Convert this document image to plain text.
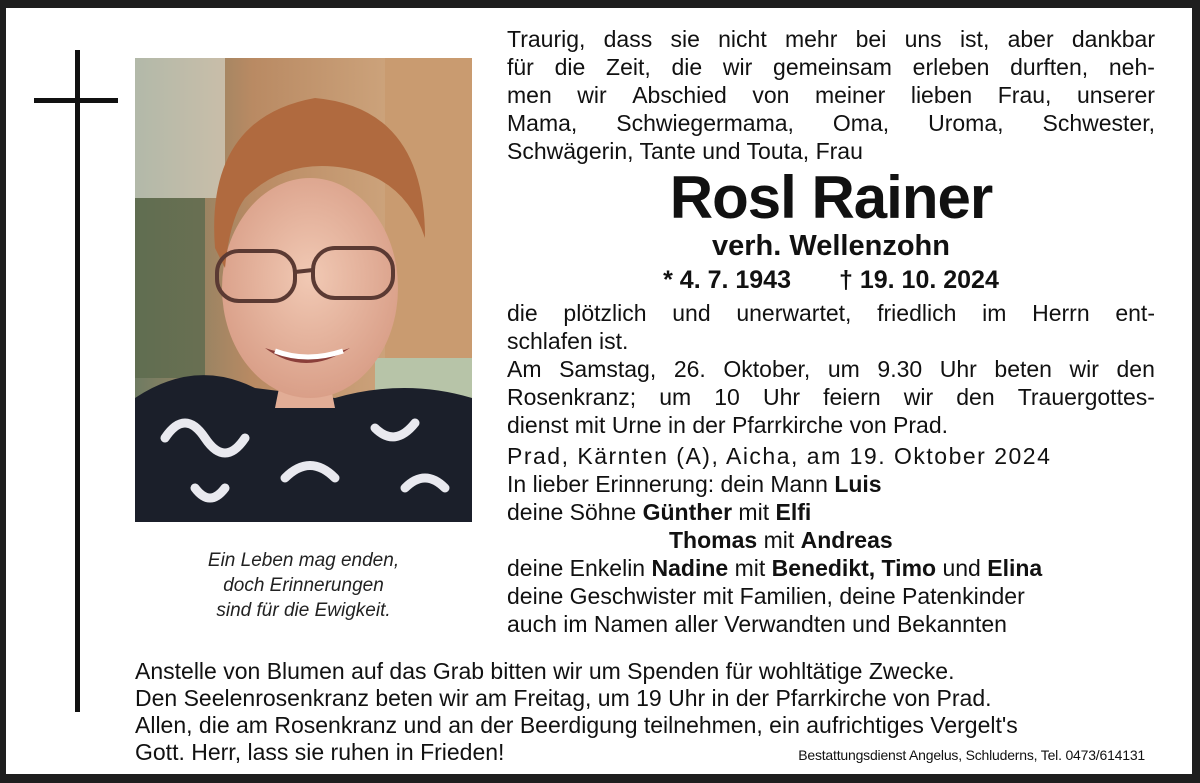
Ein Leben mag enden,
doch Erinnerungen
sind für die Ewigkeit.
Traurig, dass sie nicht mehr bei uns ist, aber dankbar
für die Zeit, die wir gemeinsam erleben durften, neh-
men wir Abschied von meiner lieben Frau, unserer
Mama, Schwiegermama, Oma, Uroma, Schwester,
Schwägerin, Tante und Touta, Frau
Rosl Rainer
verh. Wellenzohn
* 4. 7. 1943 † 19. 10. 2024
die plötzlich und unerwartet, friedlich im Herrn ent-
schlafen ist.
Am Samstag, 26. Oktober, um 9.30 Uhr beten wir den
Rosenkranz; um 10 Uhr feiern wir den Trauergottes-
dienst mit Urne in der Pfarrkirche von Prad.
Prad, Kärnten (A), Aicha, am 19. Oktober 2024
In lieber Erinnerung: dein Mann Luis
deine Söhne Günther mit Elfi
Thomas mit Andreas
deine Enkelin Nadine mit Benedikt, Timo und Elina
deine Geschwister mit Familien, deine Patenkinder
auch im Namen aller Verwandten und Bekannten
Anstelle von Blumen auf das Grab bitten wir um Spenden für wohltätige Zwecke.
Den Seelenrosenkranz beten wir am Freitag, um 19 Uhr in der Pfarrkirche von Prad.
Allen, die am Rosenkranz und an der Beerdigung teilnehmen, ein aufrichtiges Vergelt's
Gott. Herr, lass sie ruhen in Frieden!	Bestattungsdienst Angelus, Schluderns, Tel. 0473/614131
